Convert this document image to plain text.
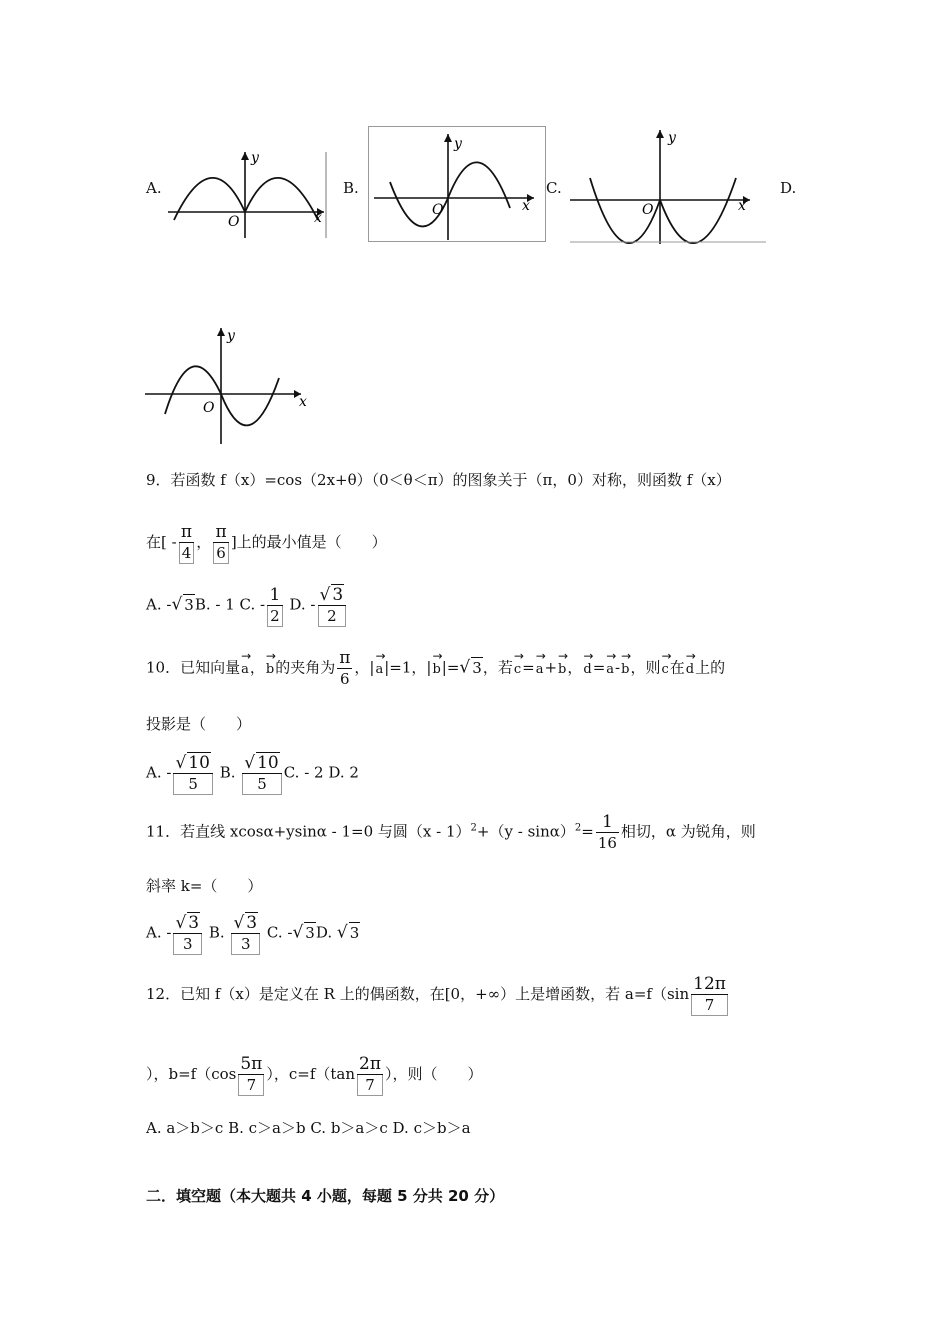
A.
y
x
O
B.
y
x
O
C.
y
x
O
D.
y
x
O
9．若函数 f（x）=cos（2x+θ）（0＜θ＜π）的图象关于（π，0）对称，则函数 f（x）
在[ - $\frac{\pi}{4}$ ， $\frac{\pi}{6}$ ]上的最小值是（　　）
A. -√ 3B. - 1 C. - $\frac{1}{2} D$. - $\frac{√ 3}{2}$
10．已知向量→ a，→ b的夹角为 $\frac{\pi}{6}$ ，|→ a|=1，|→ b|=√ 3，若→ c=→ a+→ b，→ d=→ a-→ b，则→ c在→ d上的
投影是（　　）
A. - $\frac{√ 10}{5} B$. $\frac{√ 10}{5} C$. - 2 D. 2
11．若直线 xcosα+ysinα - 1=0 与圆$(x - 1)^2+(y - \sin\alpha)^2= \frac{1}{16}$ 相切，α 为锐角，则
斜率 k=（　　）
A. - $\frac{√ 3}{3} B$. $\frac{√ 3}{3} C$. -√ 3D. √ 3
12．已知 f（x）是定义在 R 上的偶函数，在[0，+∞）上是增函数，若 $a=f(\sin \frac{12\pi}{7}$
），$b=f(\cos \frac{5\pi}{7}$ ），$c=f(\tan \frac{2\pi}{7}$ ），则（　　）
A. a＞b＞c B. c＞a＞b C. b＞a＞c D. c＞b＞a
二．填空题（本大题共 4 小题，每题 5 分共 20 分）
